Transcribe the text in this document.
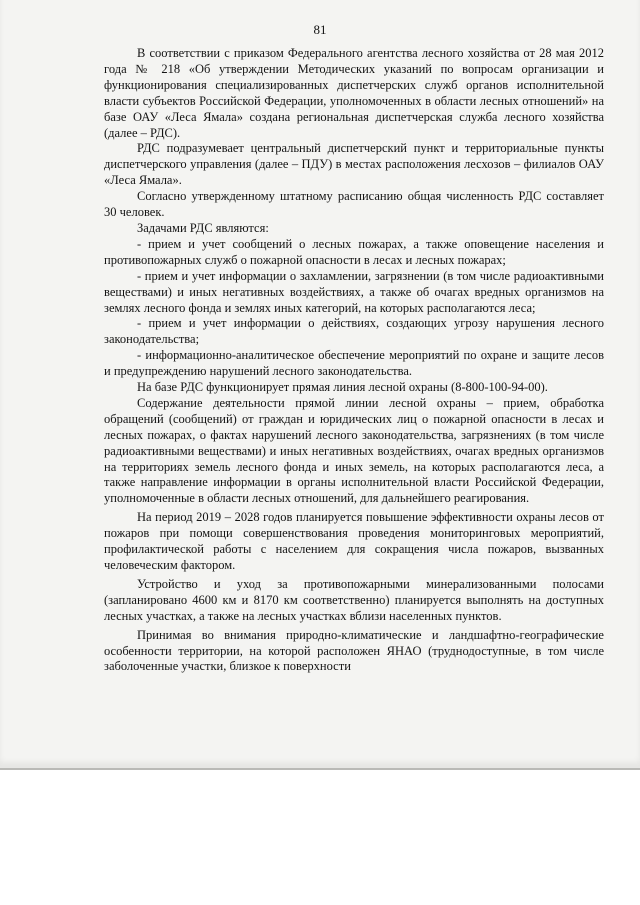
81

В соответствии с приказом Федерального агентства лесного хозяйства от 28 мая 2012 года № 218 «Об утверждении Методических указаний по вопросам организации и функционирования специализированных диспетчерских служб органов исполнительной власти субъектов Российской Федерации, уполномоченных в области лесных отношений» на базе ОАУ «Леса Ямала» создана региональная диспетчерская служба лесного хозяйства (далее – РДС).

РДС подразумевает центральный диспетчерский пункт и территориальные пункты диспетчерского управления (далее – ПДУ) в местах расположения лесхозов – филиалов ОАУ «Леса Ямала».

Согласно утвержденному штатному расписанию общая численность РДС составляет 30 человек.

Задачами РДС являются:

- прием и учет сообщений о лесных пожарах, а также оповещение населения и противопожарных служб о пожарной опасности в лесах и лесных пожарах;

- прием и учет информации о захламлении, загрязнении (в том числе радиоактивными веществами) и иных негативных воздействиях, а также об очагах вредных организмов на землях лесного фонда и землях иных категорий, на которых располагаются леса;

- прием и учет информации о действиях, создающих угрозу нарушения лесного законодательства;

- информационно-аналитическое обеспечение мероприятий по охране и защите лесов и предупреждению нарушений лесного законодательства.

На базе РДС функционирует прямая линия лесной охраны (8-800-100-94-00).

Содержание деятельности прямой линии лесной охраны – прием, обработка обращений (сообщений) от граждан и юридических лиц о пожарной опасности в лесах и лесных пожарах, о фактах нарушений лесного законодательства, загрязнениях (в том числе радиоактивными веществами) и иных негативных воздействиях, очагах вредных организмов на территориях земель лесного фонда и иных земель, на которых располагаются леса, а также направление информации в органы исполнительной власти Российской Федерации, уполномоченные в области лесных отношений, для дальнейшего реагирования.

На период 2019 – 2028 годов планируется повышение эффективности охраны лесов от пожаров при помощи совершенствования проведения мониторинговых мероприятий, профилактической работы с населением для сокращения числа пожаров, вызванных человеческим фактором.

Устройство и уход за противопожарными минерализованными полосами (запланировано 4600 км и 8170 км соответственно) планируется выполнять на доступных лесных участках, а также на лесных участках вблизи населенных пунктов.

Принимая во внимания природно-климатические и ландшафтно-географические особенности территории, на которой расположен ЯНАО (труднодоступные, в том числе заболоченные участки, близкое к поверхности
